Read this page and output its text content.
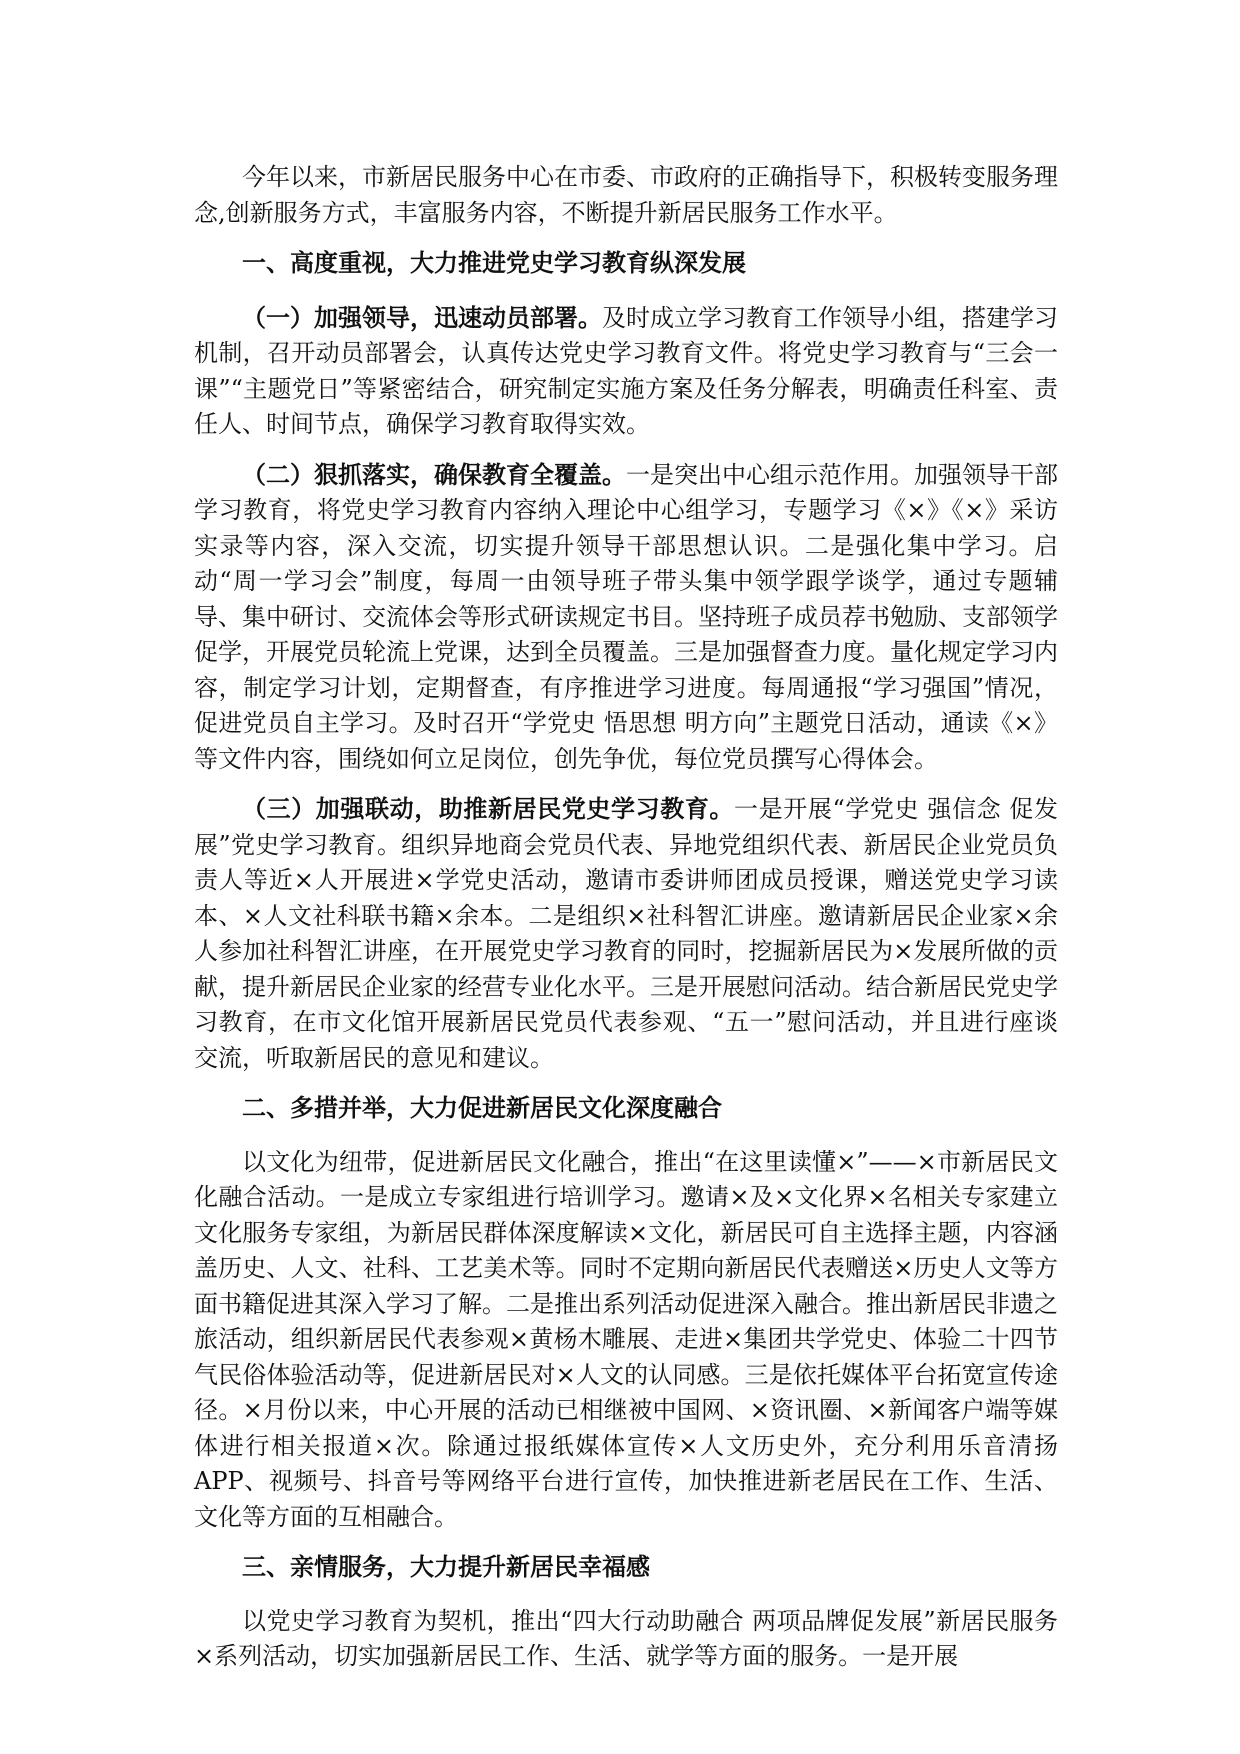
今年以来，市新居民服务中心在市委、市政府的正确指导下，积极转变服务理念,创新服务方式，丰富服务内容，不断提升新居民服务工作水平。

一、高度重视，大力推进党史学习教育纵深发展

（一）加强领导，迅速动员部署。及时成立学习教育工作领导小组，搭建学习机制，召开动员部署会，认真传达党史学习教育文件。将党史学习教育与“三会一课”“主题党日”等紧密结合，研究制定实施方案及任务分解表，明确责任科室、责任人、时间节点，确保学习教育取得实效。

（二）狠抓落实，确保教育全覆盖。一是突出中心组示范作用。加强领导干部学习教育，将党史学习教育内容纳入理论中心组学习，专题学习《×》《×》采访实录等内容，深入交流，切实提升领导干部思想认识。二是强化集中学习。启动“周一学习会”制度，每周一由领导班子带头集中领学跟学谈学，通过专题辅导、集中研讨、交流体会等形式研读规定书目。坚持班子成员荐书勉励、支部领学促学，开展党员轮流上党课，达到全员覆盖。三是加强督查力度。量化规定学习内容，制定学习计划，定期督查，有序推进学习进度。每周通报“学习强国”情况，促进党员自主学习。及时召开“学党史 悟思想 明方向”主题党日活动，通读《×》等文件内容，围绕如何立足岗位，创先争优，每位党员撰写心得体会。

（三）加强联动，助推新居民党史学习教育。一是开展“学党史 强信念 促发展”党史学习教育。组织异地商会党员代表、异地党组织代表、新居民企业党员负责人等近×人开展进×学党史活动，邀请市委讲师团成员授课，赠送党史学习读本、×人文社科联书籍×余本。二是组织×社科智汇讲座。邀请新居民企业家×余人参加社科智汇讲座，在开展党史学习教育的同时，挖掘新居民为×发展所做的贡献，提升新居民企业家的经营专业化水平。三是开展慰问活动。结合新居民党史学习教育，在市文化馆开展新居民党员代表参观、“五一”慰问活动，并且进行座谈交流，听取新居民的意见和建议。

二、多措并举，大力促进新居民文化深度融合

以文化为纽带，促进新居民文化融合，推出“在这里读懂×”——×市新居民文化融合活动。一是成立专家组进行培训学习。邀请×及×文化界×名相关专家建立文化服务专家组，为新居民群体深度解读×文化，新居民可自主选择主题，内容涵盖历史、人文、社科、工艺美术等。同时不定期向新居民代表赠送×历史人文等方面书籍促进其深入学习了解。二是推出系列活动促进深入融合。推出新居民非遗之旅活动，组织新居民代表参观×黄杨木雕展、走进×集团共学党史、体验二十四节气民俗体验活动等，促进新居民对×人文的认同感。三是依托媒体平台拓宽宣传途径。×月份以来，中心开展的活动已相继被中国网、×资讯圈、×新闻客户端等媒体进行相关报道×次。除通过报纸媒体宣传×人文历史外，充分利用乐音清扬 APP、视频号、抖音号等网络平台进行宣传，加快推进新老居民在工作、生活、文化等方面的互相融合。

三、亲情服务，大力提升新居民幸福感

以党史学习教育为契机，推出“四大行动助融合 两项品牌促发展”新居民服务×系列活动，切实加强新居民工作、生活、就学等方面的服务。一是开展
